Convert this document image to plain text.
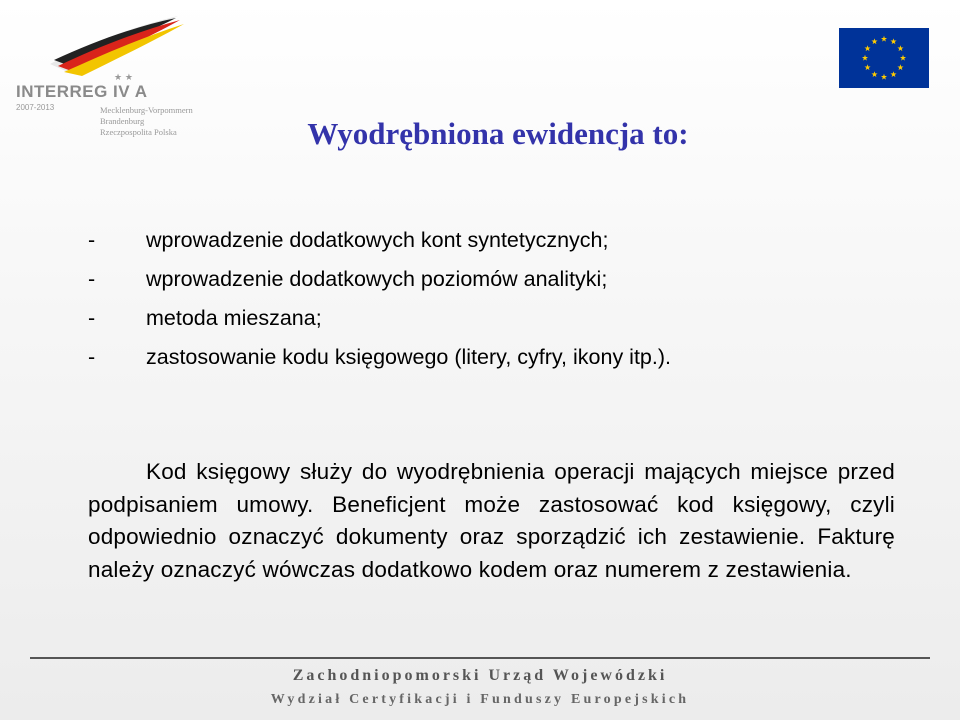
★ ★
INTERREG IV A
2007-2013	Mecklenburg-Vorpommern
Brandenburg
Rzeczpospolita Polska	Wyodrębniona ewidencja to:
-	wprowadzenie dodatkowych kont syntetycznych;
-	wprowadzenie dodatkowych poziomów analityki;
-	metoda mieszana;
-	zastosowanie kodu księgowego (litery, cyfry, ikony itp.).
Kod księgowy służy do wyodrębnienia operacji mających miejsce przed podpisaniem umowy. Beneficjent może zastosować kod księgowy, czyli odpowiednio oznaczyć dokumenty oraz sporządzić ich zestawienie. Fakturę należy oznaczyć wówczas dodatkowo kodem oraz numerem z zestawienia.
Zachodniopomorski Urząd Wojewódzki
Wydział Certyfikacji i Funduszy Europejskich
